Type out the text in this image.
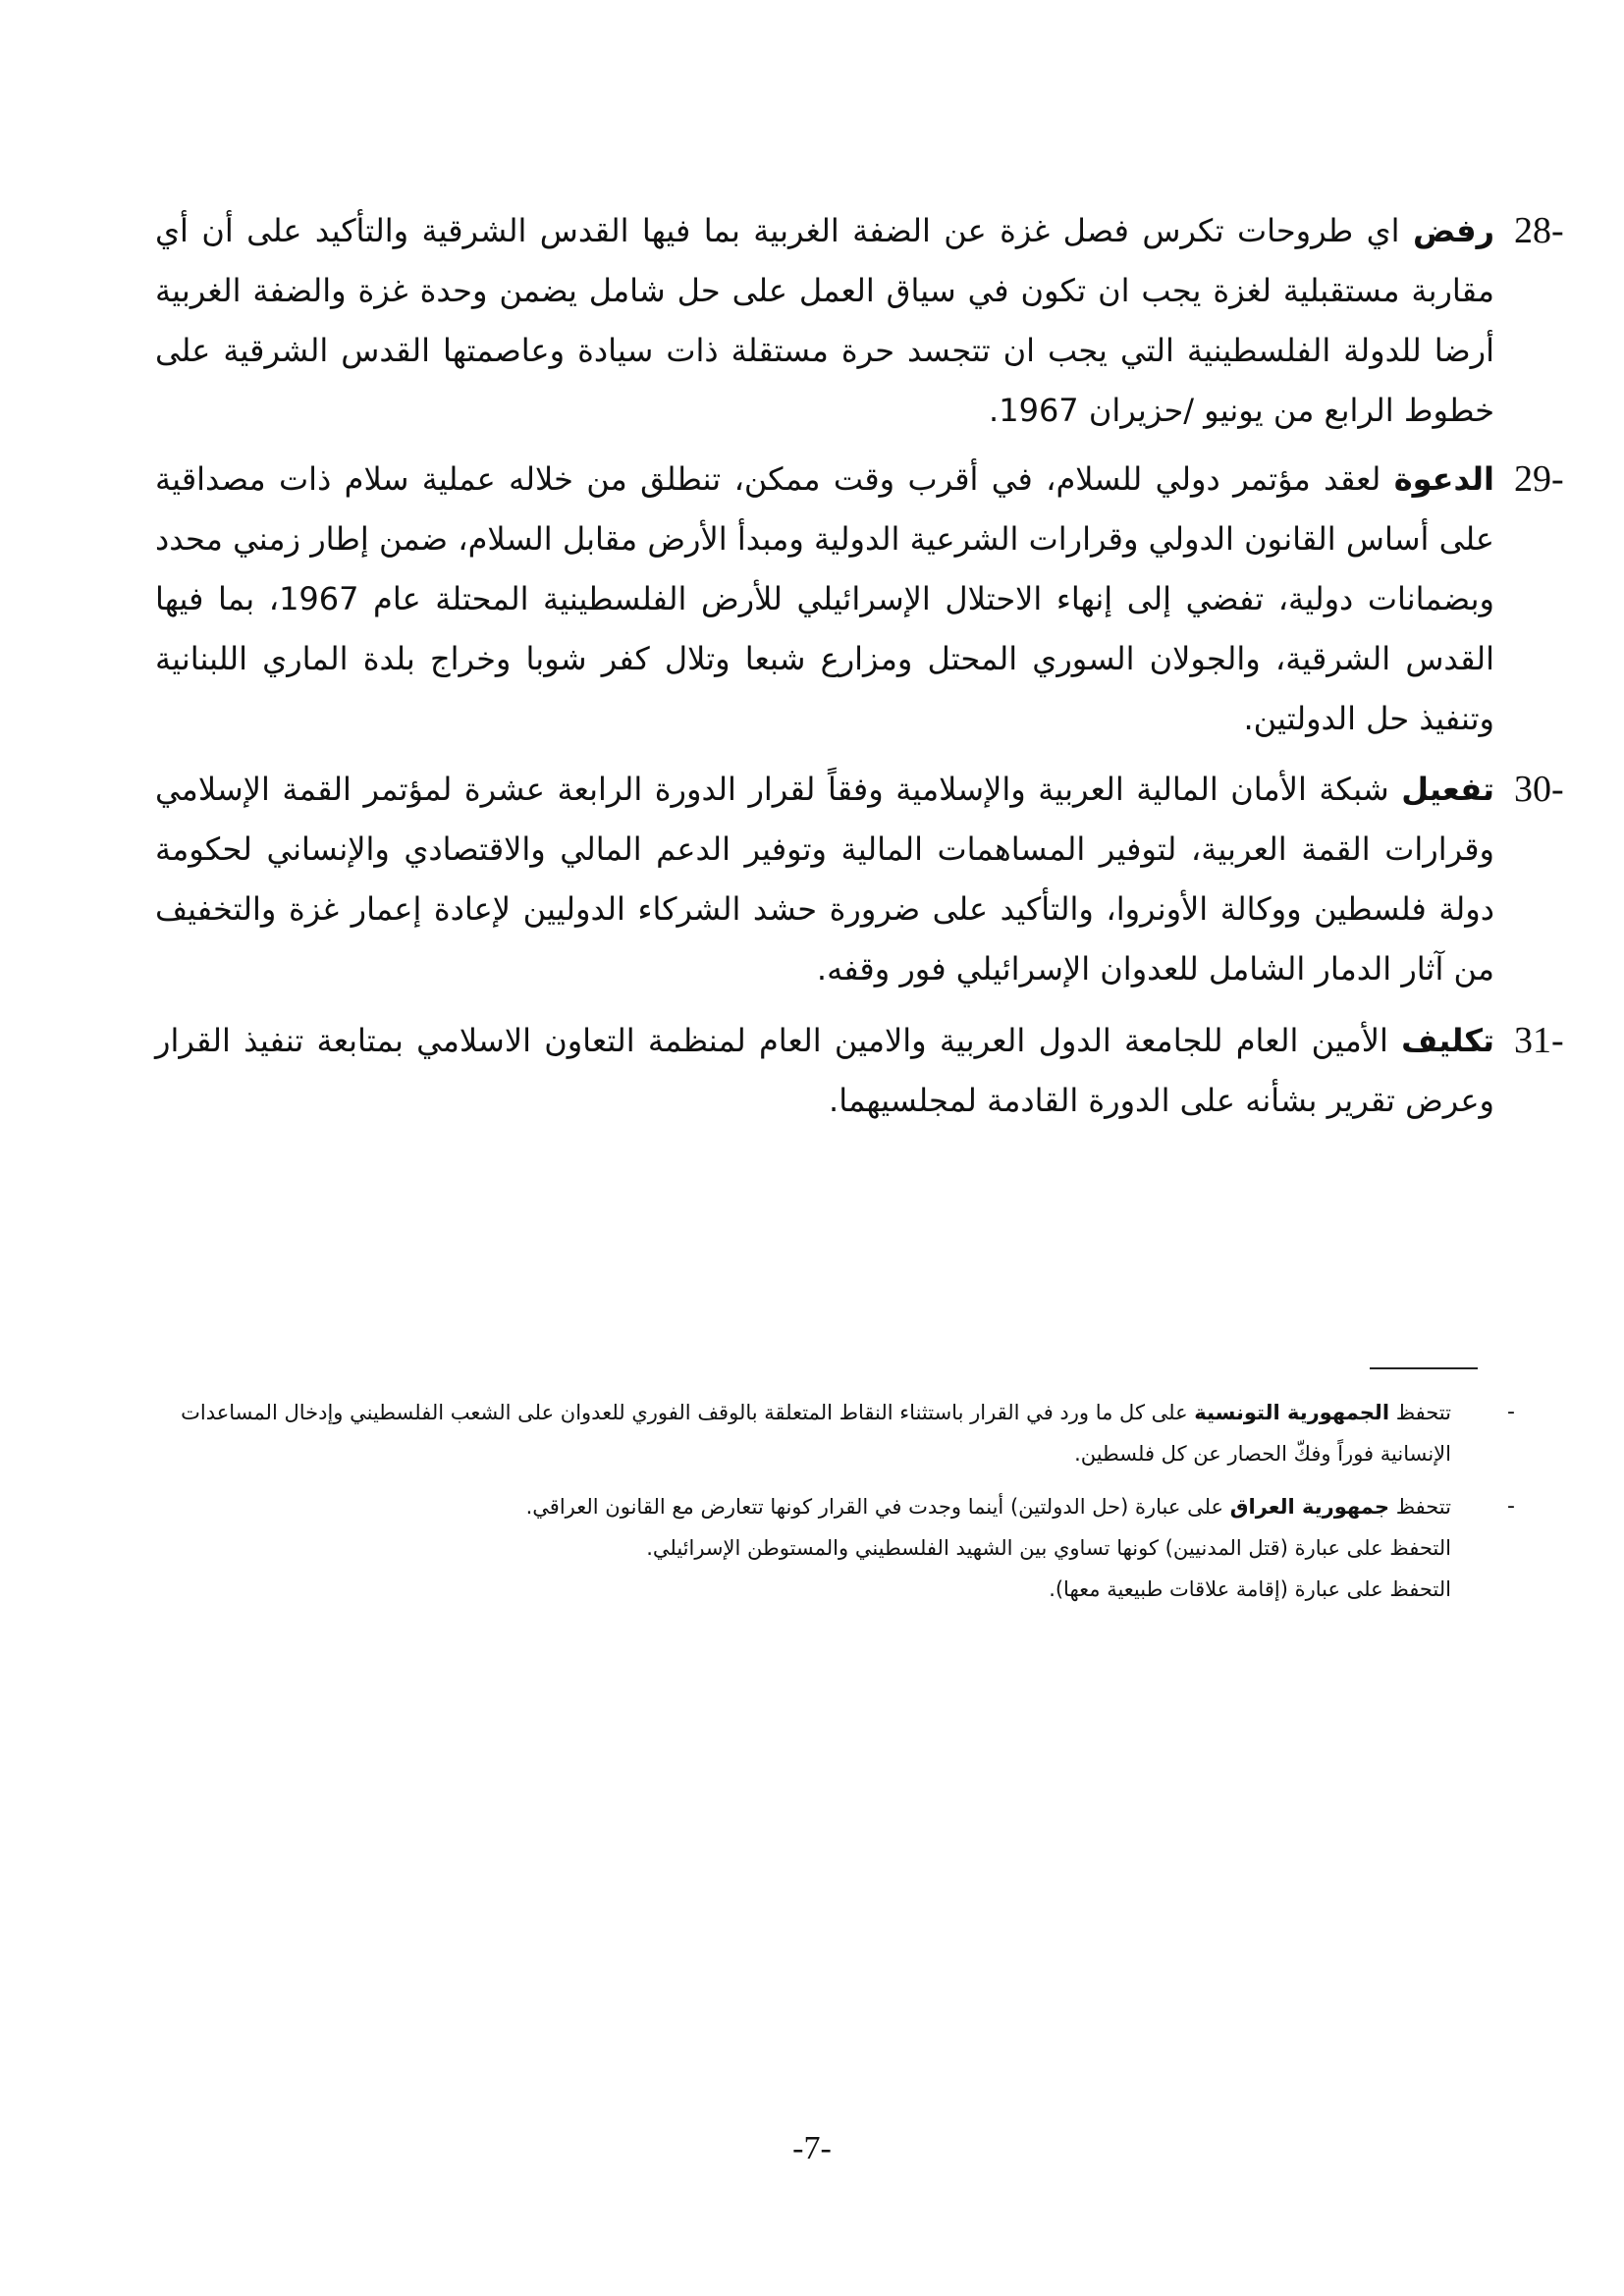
28-

رفض اي طروحات تكرس فصل غزة عن الضفة الغربية بما فيها القدس الشرقية والتأكيد على أن أي مقاربة مستقبلية لغزة يجب ان تكون في سياق العمل على حل شامل يضمن وحدة غزة والضفة الغربية أرضا للدولة الفلسطينية التي يجب ان تتجسد حرة مستقلة ذات سيادة وعاصمتها القدس الشرقية على خطوط الرابع من يونيو /حزيران 1967.

29-

الدعوة لعقد مؤتمر دولي للسلام، في أقرب وقت ممكن، تنطلق من خلاله عملية سلام ذات مصداقية على أساس القانون الدولي وقرارات الشرعية الدولية ومبدأ الأرض مقابل السلام، ضمن إطار زمني محدد وبضمانات دولية، تفضي إلى إنهاء الاحتلال الإسرائيلي للأرض الفلسطينية المحتلة عام 1967، بما فيها القدس الشرقية، والجولان السوري المحتل ومزارع شبعا وتلال كفر شوبا وخراج بلدة الماري اللبنانية وتنفيذ حل الدولتين.

30-

تفعيل شبكة الأمان المالية العربية والإسلامية وفقاً لقرار الدورة الرابعة عشرة لمؤتمر القمة الإسلامي وقرارات القمة العربية، لتوفير المساهمات المالية وتوفير الدعم المالي والاقتصادي والإنساني لحكومة دولة فلسطين ووكالة الأونروا، والتأكيد على ضرورة حشد الشركاء الدوليين لإعادة إعمار غزة والتخفيف من آثار الدمار الشامل للعدوان الإسرائيلي فور وقفه.

31-

تكليف الأمين العام للجامعة الدول العربية والامين العام لمنظمة التعاون الاسلامي بمتابعة تنفيذ القرار وعرض تقرير بشأنه على الدورة القادمة لمجلسيهما.

-

تتحفظ الجمهورية التونسية على كل ما ورد في القرار باستثناء النقاط المتعلقة بالوقف الفوري للعدوان على الشعب الفلسطيني وإدخال المساعدات
الإنسانية فوراً وفكّ الحصار عن كل فلسطين.

-

تتحفظ جمهورية العراق على عبارة (حل الدولتين) أينما وجدت في القرار كونها تتعارض مع القانون العراقي.
التحفظ على عبارة (قتل المدنيين) كونها تساوي بين الشهيد الفلسطيني والمستوطن الإسرائيلي.
التحفظ على عبارة (إقامة علاقات طبيعية معها).

-7-
